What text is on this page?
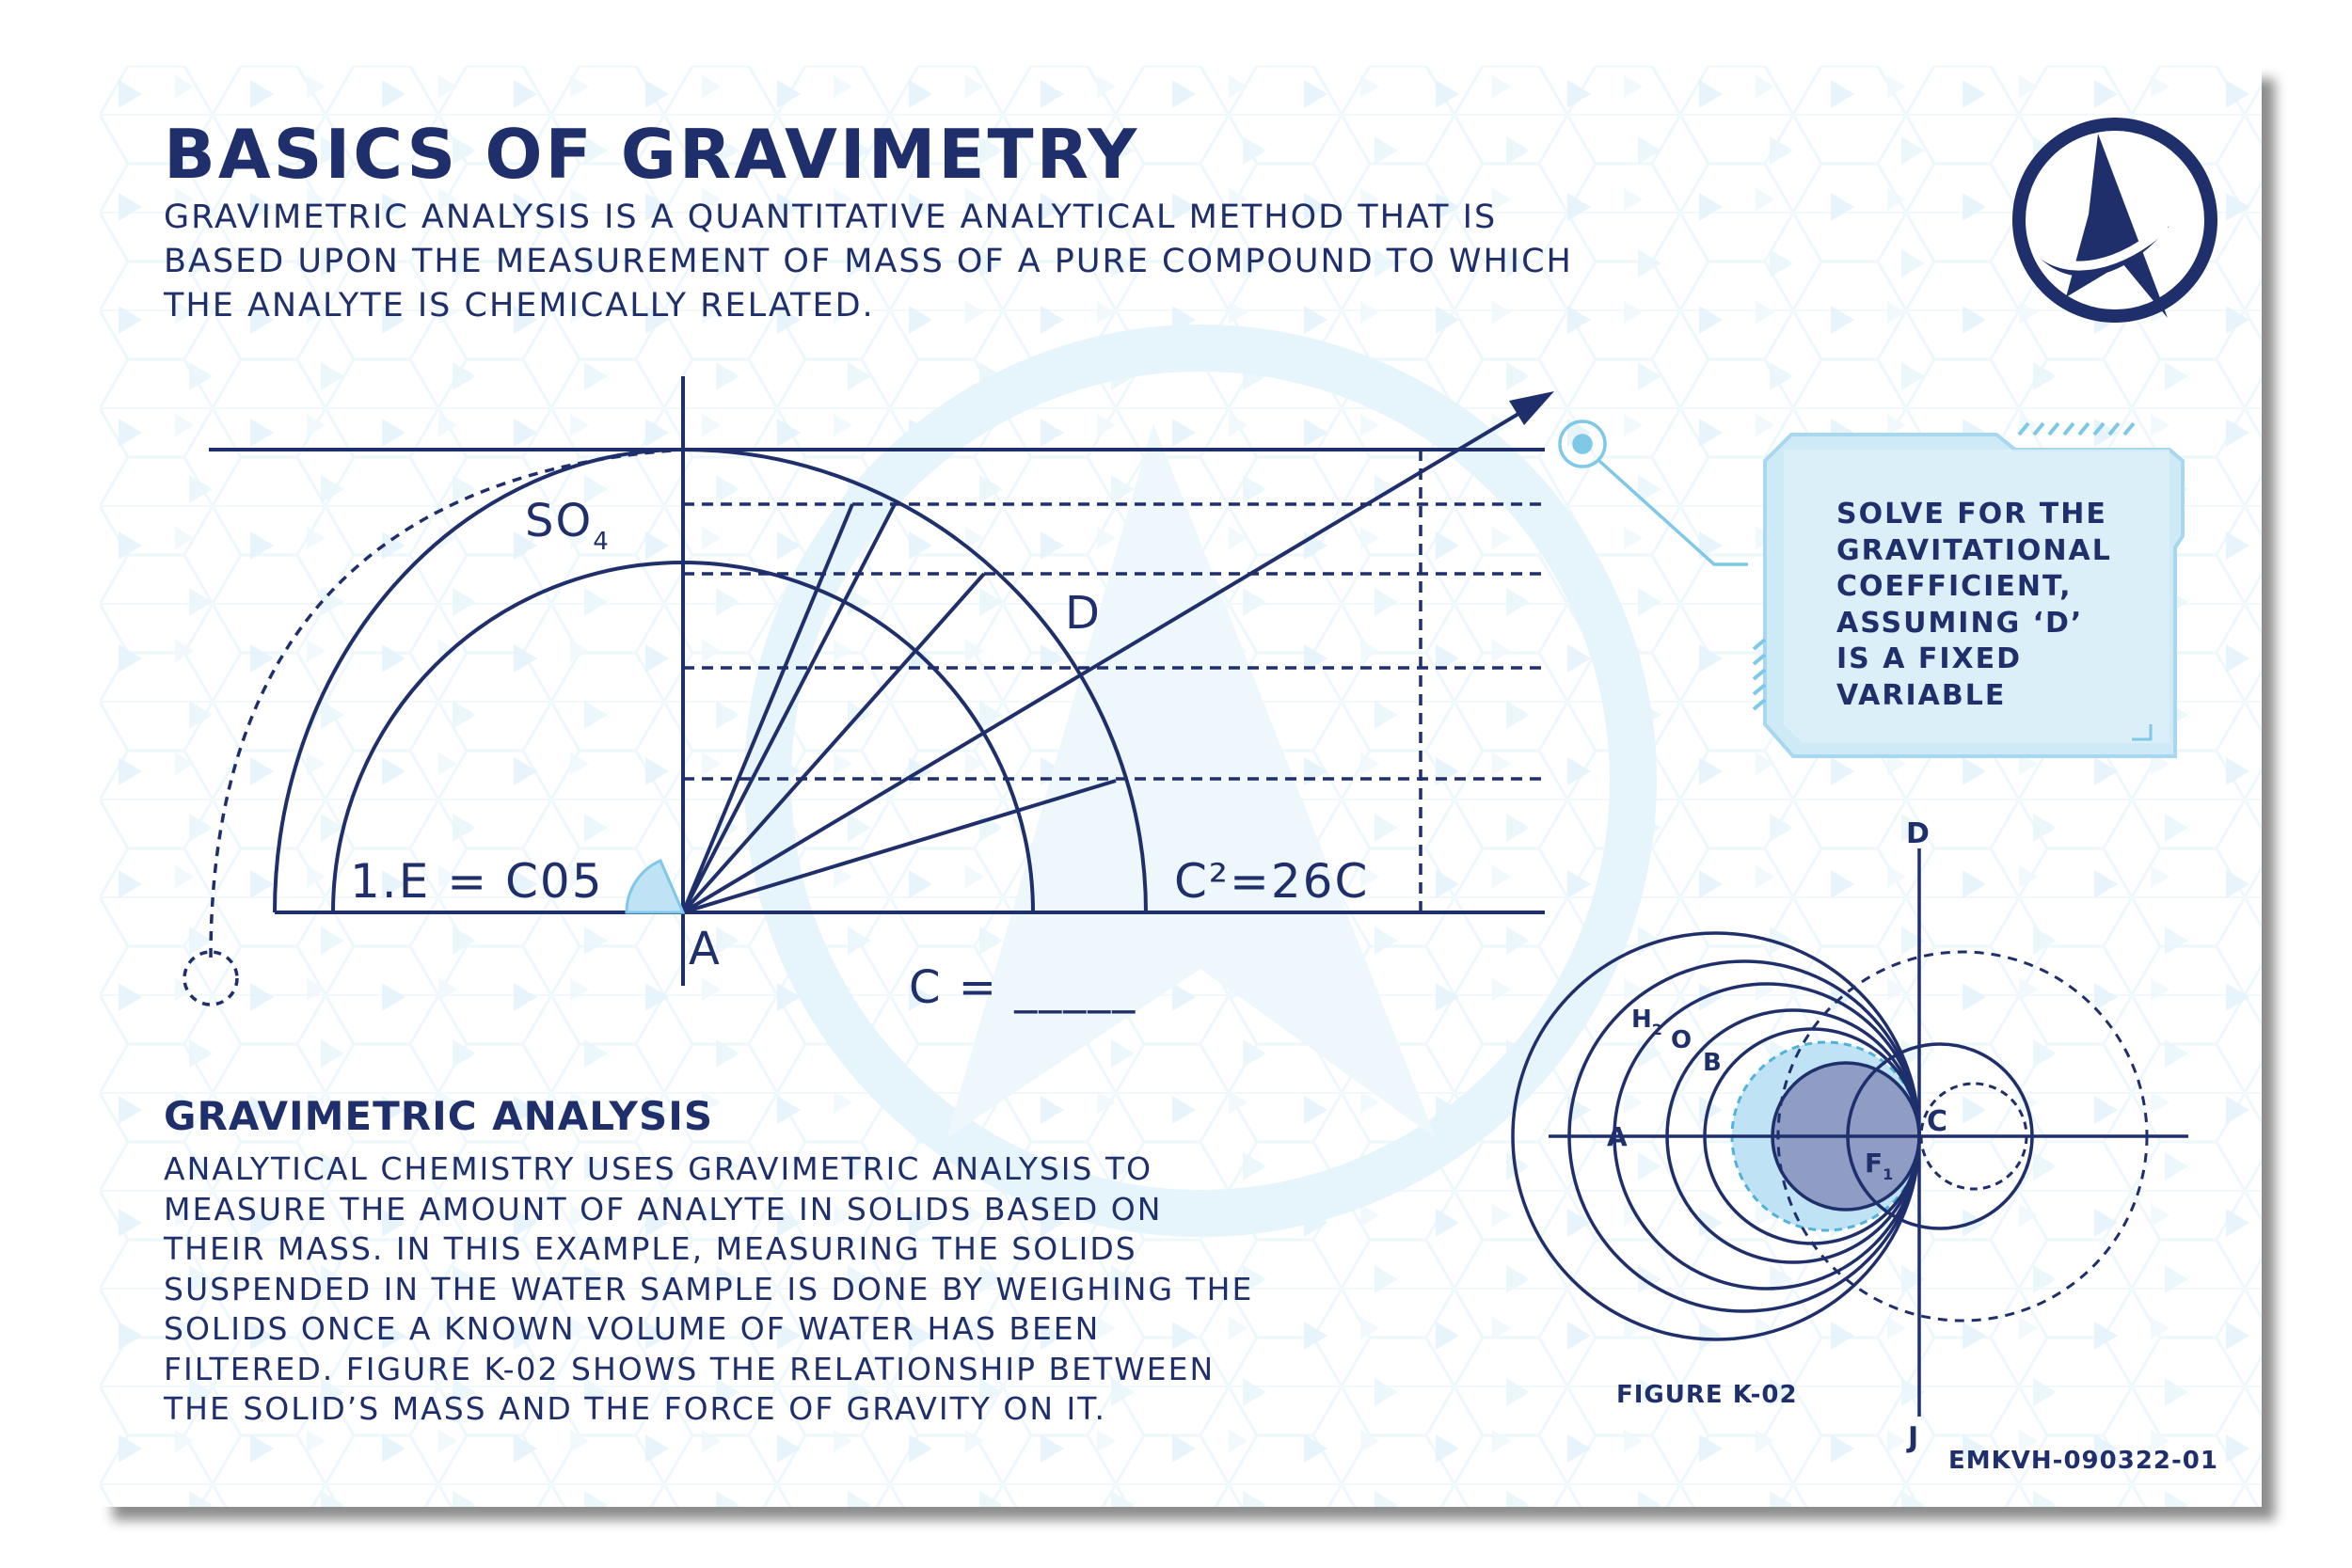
$SO_4$
D
1.E = C05	C²=26C
A
C = _____
D
J
$H_2$ O
B
A	C
$F_1$
BASICS OF GRAVIMETRY

GRAVIMETRIC ANALYSIS IS A QUANTITATIVE ANALYTICAL METHOD THAT IS
BASED UPON THE MEASUREMENT OF MASS OF A PURE COMPOUND TO WHICH
THE ANALYTE IS CHEMICALLY RELATED.

SOLVE FOR THE
GRAVITATIONAL
COEFFICIENT,
ASSUMING ‘D’
IS A FIXED
VARIABLE
GRAVIMETRIC ANALYSIS

ANALYTICAL CHEMISTRY USES GRAVIMETRIC ANALYSIS TO
MEASURE THE AMOUNT OF ANALYTE IN SOLIDS BASED ON
THEIR MASS. IN THIS EXAMPLE, MEASURING THE SOLIDS
SUSPENDED IN THE WATER SAMPLE IS DONE BY WEIGHING THE
SOLIDS ONCE A KNOWN VOLUME OF WATER HAS BEEN
FILTERED. FIGURE K-02 SHOWS THE RELATIONSHIP BETWEEN
THE SOLID’S MASS AND THE FORCE OF GRAVITY ON IT.	FIGURE K-02
EMKVH-090322-01
